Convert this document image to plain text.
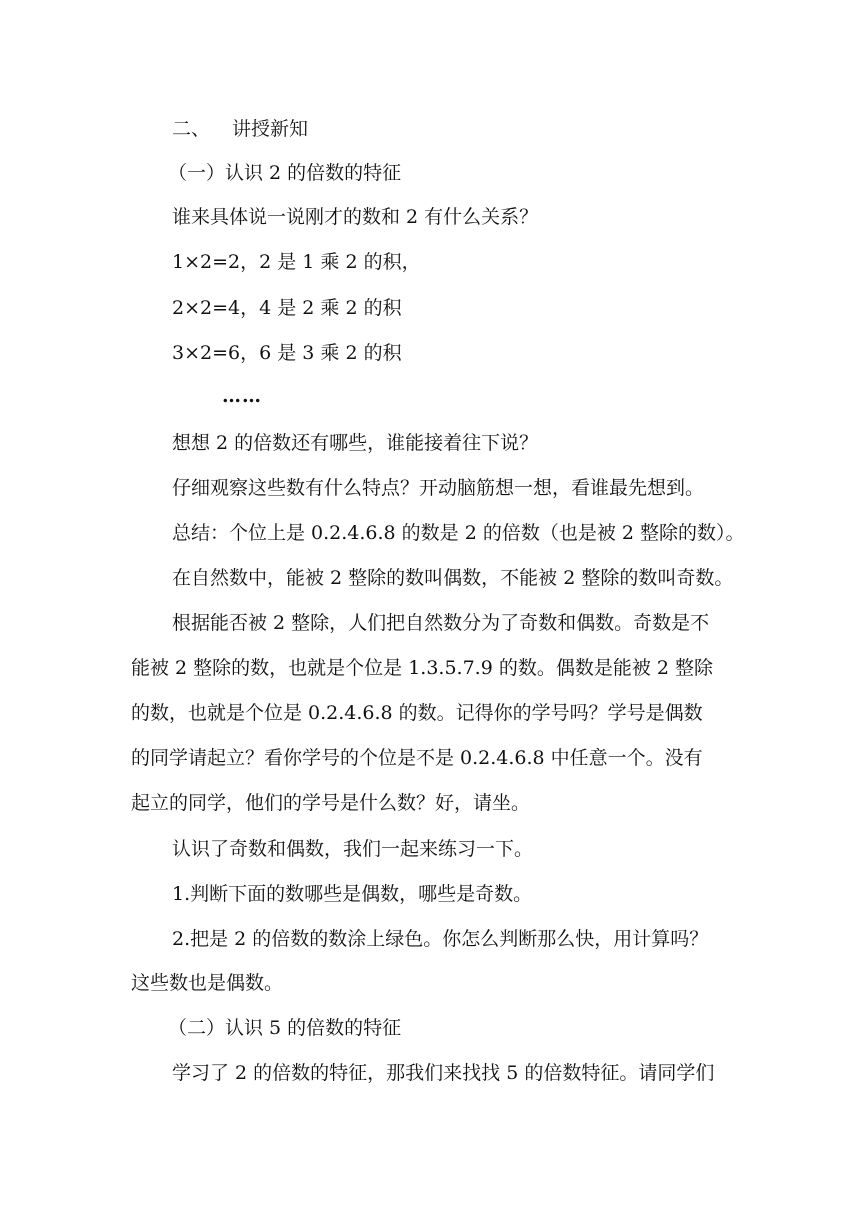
二、 讲授新知
（一）认识 2 的倍数的特征
谁来具体说一说刚才的数和 2 有什么关系？
1×2=2，2 是 1 乘 2 的积，
2×2=4，4 是 2 乘 2 的积
3×2=6，6 是 3 乘 2 的积
……
想想 2 的倍数还有哪些，谁能接着往下说？
仔细观察这些数有什么特点？开动脑筋想一想，看谁最先想到。
总结：个位上是 0.2.4.6.8 的数是 2 的倍数（也是被 2 整除的数）。
在自然数中，能被 2 整除的数叫偶数，不能被 2 整除的数叫奇数。
根据能否被 2 整除，人们把自然数分为了奇数和偶数。奇数是不
能被 2 整除的数，也就是个位是 1.3.5.7.9 的数。偶数是能被 2 整除
的数，也就是个位是 0.2.4.6.8 的数。记得你的学号吗？学号是偶数
的同学请起立？看你学号的个位是不是 0.2.4.6.8 中任意一个。没有
起立的同学，他们的学号是什么数？好，请坐。
认识了奇数和偶数，我们一起来练习一下。
1.判断下面的数哪些是偶数，哪些是奇数。
2.把是 2 的倍数的数涂上绿色。你怎么判断那么快，用计算吗？
这些数也是偶数。
（二）认识 5 的倍数的特征
学习了 2 的倍数的特征，那我们来找找 5 的倍数特征。请同学们
